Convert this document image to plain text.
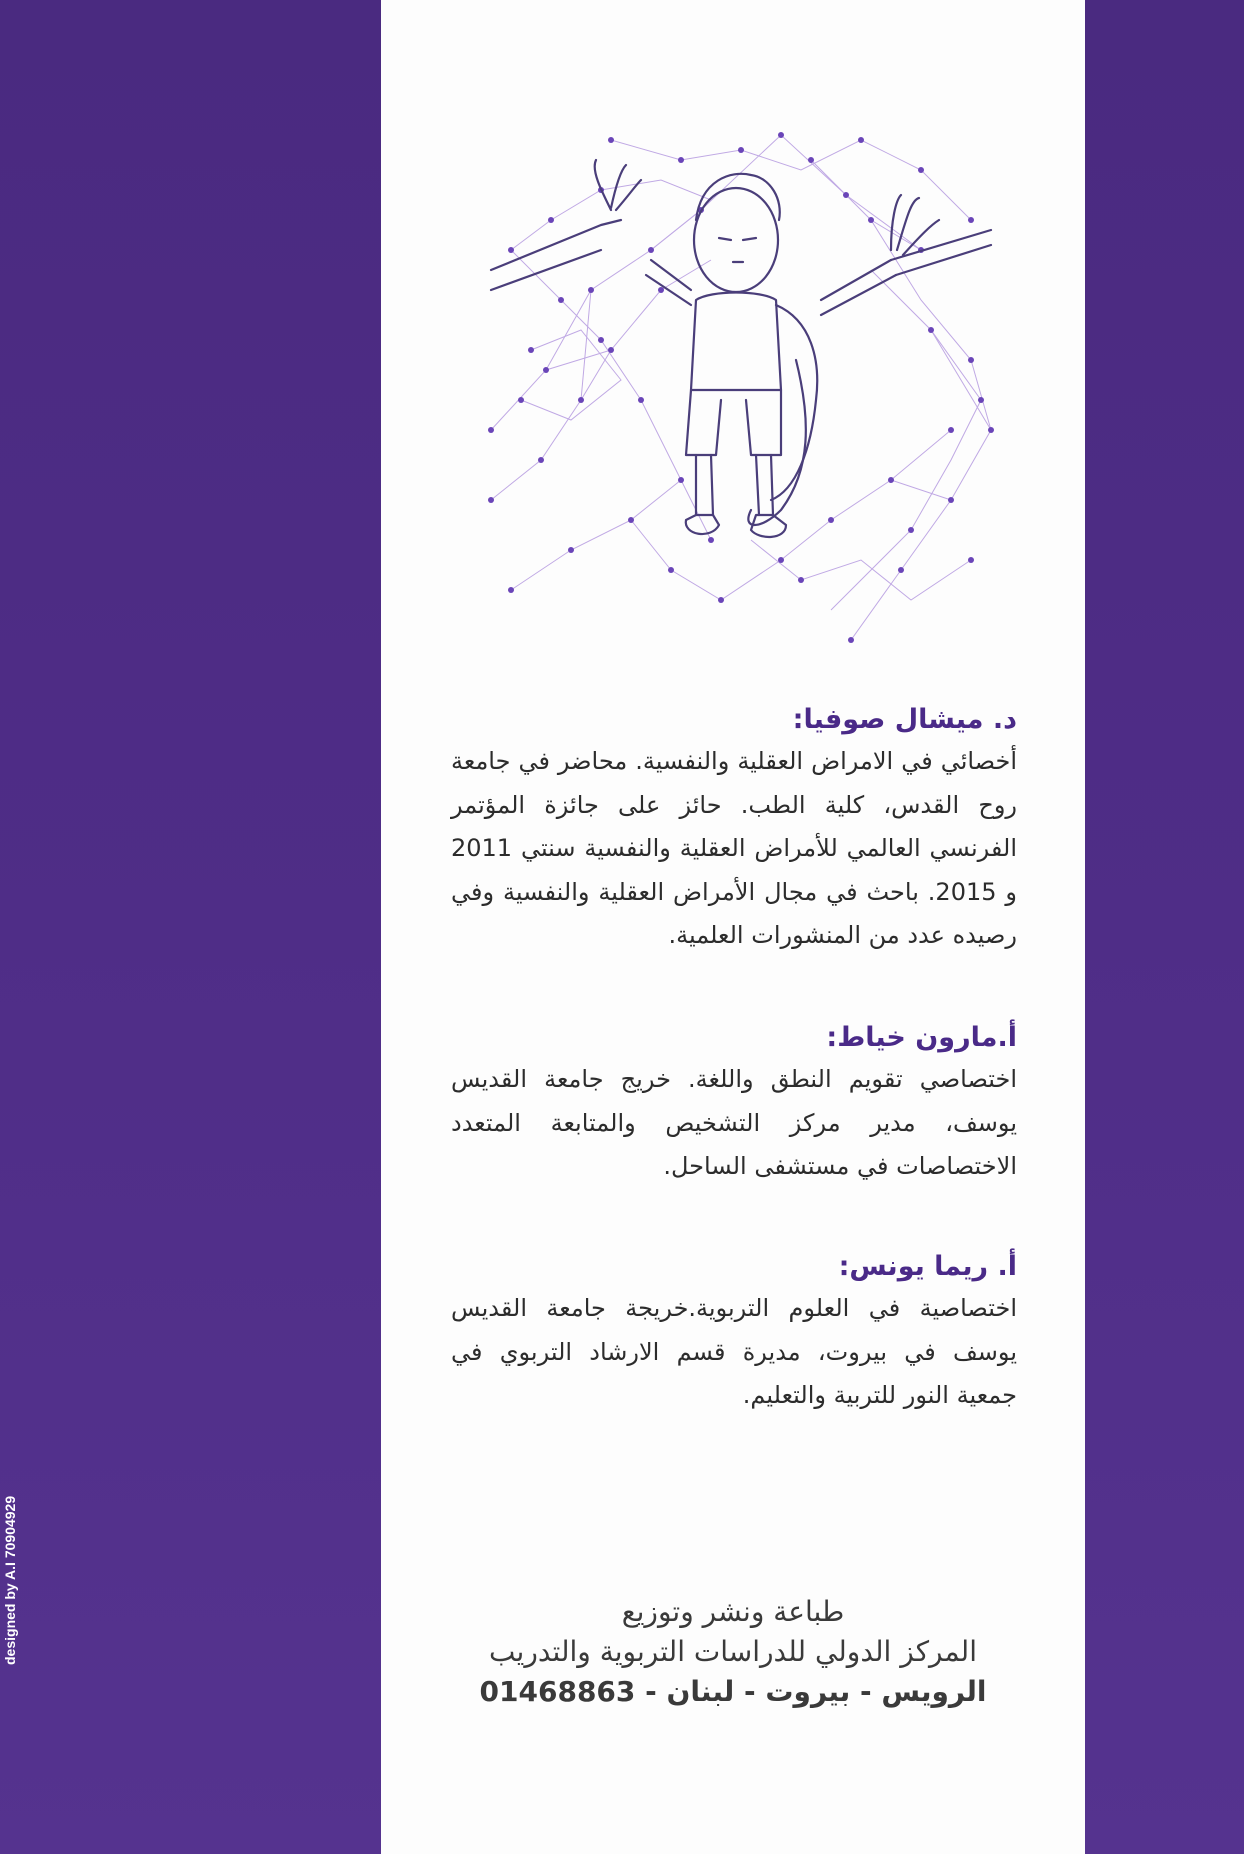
د. ميشال صوفيا:

أخصائي في الامراض العقلية والنفسية. محاضر في جامعة روح القدس، كلية الطب. حائز على جائزة المؤتمر الفرنسي العالمي للأمراض العقلية والنفسية سنتي 2011 و 2015. باحث في مجال الأمراض العقلية والنفسية وفي رصيده عدد من المنشورات العلمية.

أ.مارون خياط:

اختصاصي تقويم النطق واللغة. خريج جامعة القديس يوسف، مدير مركز التشخيص والمتابعة المتعدد الاختصاصات في مستشفى الساحل.

أ. ريما يونس:

اختصاصية في العلوم التربوية.خريجة جامعة القديس يوسف في بيروت، مديرة قسم الارشاد التربوي في جمعية النور للتربية والتعليم.

طباعة ونشر وتوزيع
المركز الدولي للدراسات التربوية والتدريب
الرويس - بيروت - لبنان - 01468863
designed by A.I 70904929
